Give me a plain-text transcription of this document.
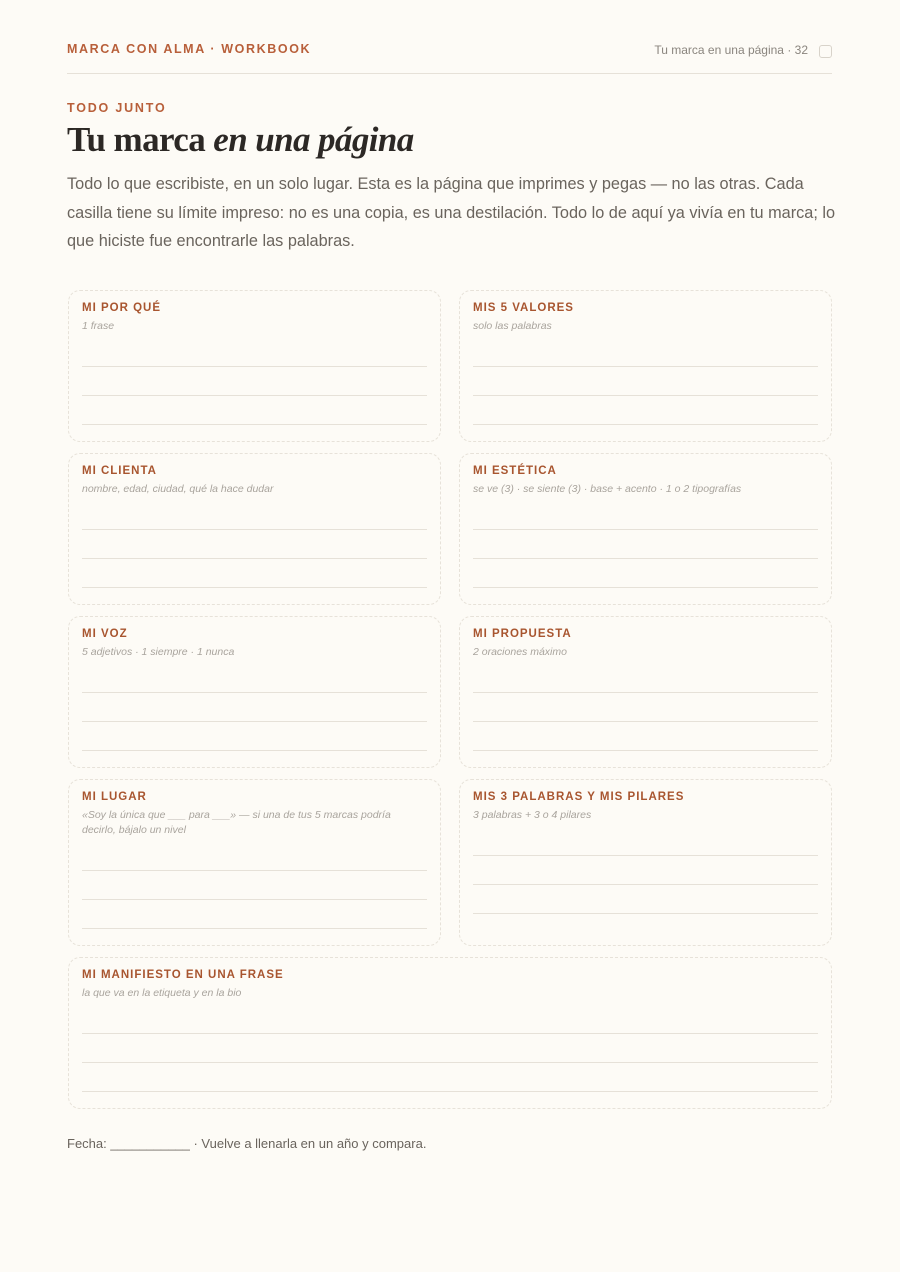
MARCA CON ALMA · WORKBOOK	Tu marca en una página · 32
TODO JUNTO
Tu marca en una página

Todo lo que escribiste, en un solo lugar. Esta es la página que imprimes y pegas — no las otras. Cada casilla tiene su límite impreso: no es una copia, es una destilación. Todo lo de aquí ya vivía en tu marca; lo que hiciste fue encontrarle las palabras.

MI POR QUÉ
1 frase
MIS 5 VALORES
solo las palabras
MI CLIENTA
nombre, edad, ciudad, qué la hace dudar
MI ESTÉTICA
se ve (3) · se siente (3) · base + acento · 1 o 2 tipografías
MI VOZ
5 adjetivos · 1 siempre · 1 nunca
MI PROPUESTA
2 oraciones máximo
MI LUGAR
«Soy la única que ___ para ___» — si una de tus 5 marcas podría decirlo, bájalo un nivel
MIS 3 PALABRAS Y MIS PILARES
3 palabras + 3 o 4 pilares
MI MANIFIESTO EN UNA FRASE
la que va en la etiqueta y en la bio
Fecha: ___________ · Vuelve a llenarla en un año y compara.
